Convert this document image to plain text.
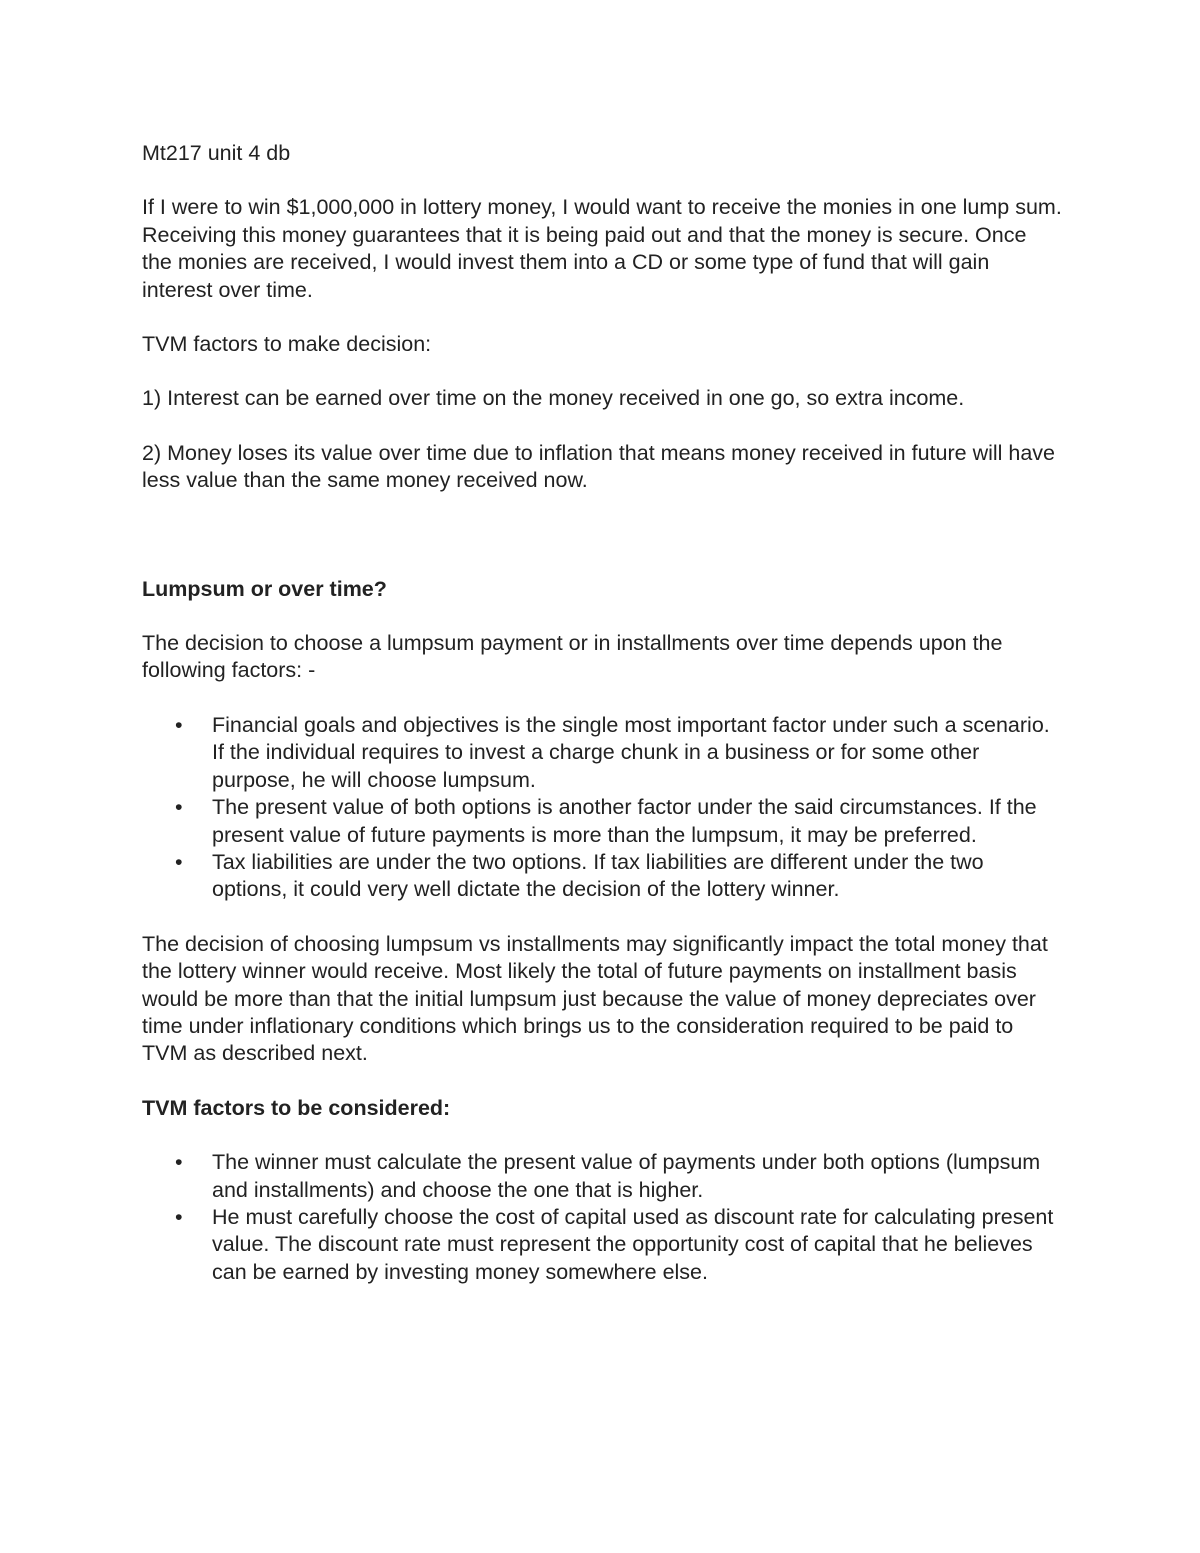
Mt217 unit 4 db

If I were to win $1,000,000 in lottery money, I would want to receive the monies in one lump sum. Receiving this money guarantees that it is being paid out and that the money is secure. Once the monies are received, I would invest them into a CD or some type of fund that will gain interest over time.

TVM factors to make decision:

1) Interest can be earned over time on the money received in one go, so extra income.

2) Money loses its value over time due to inflation that means money received in future will have less value than the same money received now.

Lumpsum or over time?

The decision to choose a lumpsum payment or in installments over time depends upon the following factors: -

• Financial goals and objectives is the single most important factor under such a scenario. If the individual requires to invest a charge chunk in a business or for some other purpose, he will choose lumpsum.
• The present value of both options is another factor under the said circumstances. If the present value of future payments is more than the lumpsum, it may be preferred.
• Tax liabilities are under the two options. If tax liabilities are different under the two options, it could very well dictate the decision of the lottery winner.

The decision of choosing lumpsum vs installments may significantly impact the total money that the lottery winner would receive. Most likely the total of future payments on installment basis would be more than that the initial lumpsum just because the value of money depreciates over time under inflationary conditions which brings us to the consideration required to be paid to TVM as described next.

TVM factors to be considered:

• The winner must calculate the present value of payments under both options (lumpsum and installments) and choose the one that is higher.
• He must carefully choose the cost of capital used as discount rate for calculating present value. The discount rate must represent the opportunity cost of capital that he believes can be earned by investing money somewhere else.
